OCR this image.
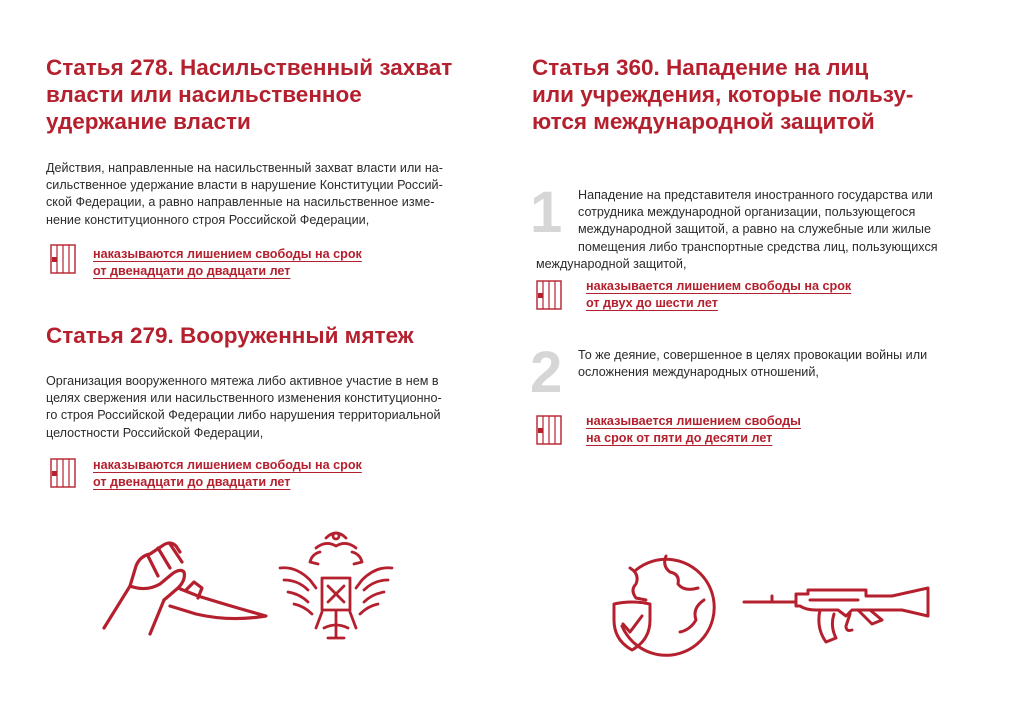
Статья 278. Насильственный захват
власти или насильственное
удержание власти

Действия, направленные на насильственный захват власти или на-
сильственное удержание власти в нарушение Конституции Россий-
ской Федерации, а равно направленные на насильственное изме-
нение конституционного строя Российской Федерации,

наказываются лишением свободы на срок
от двенадцати до двадцати лет
Статья 279. Вооруженный мятеж

Организация вооруженного мятежа либо активное участие в нем в
целях свержения или насильственного изменения конституционно-
го строя Российской Федерации либо нарушения территориальной
целостности Российской Федерации,

наказываются лишением свободы на срок
от двенадцати до двадцати лет
Статья 360. Нападение на лиц
или учреждения, которые пользу-
ются международной защитой
1 Нападение на представителя иностранного государства или
сотрудника международной организации, пользующегося
международной защитой, а равно на служебные или жилые
помещения либо транспортные средства лиц, пользующихся
международной защитой,

наказывается лишением свободы на срок
от двух до шести лет
2 То же деяние, совершенное в целях провокации войны или
осложнения международных отношений,

наказывается лишением свободы
на срок от пяти до десяти лет
